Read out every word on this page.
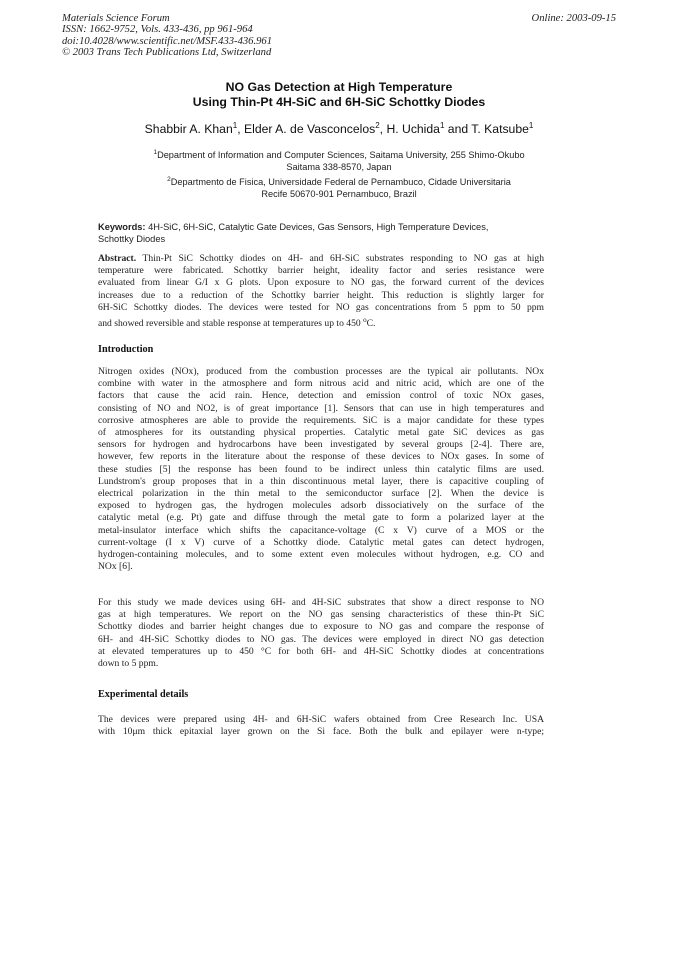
Materials Science Forum
ISSN: 1662-9752, Vols. 433-436, pp 961-964
doi:10.4028/www.scientific.net/MSF.433-436.961
© 2003 Trans Tech Publications Ltd, Switzerland
Online: 2003-09-15
NO Gas Detection at High Temperature
Using Thin-Pt 4H-SiC and 6H-SiC Schottky Diodes
Shabbir A. Khan$^1$, Elder A. de Vasconcelos$^2$, H. Uchida$^1$ and T. Katsube$^1$
$^1$Department of Information and Computer Sciences, Saitama University, 255 Shimo-Okubo
Saitama 338-8570, Japan
$^2$Departmento de Fisica, Universidade Federal de Pernambuco, Cidade Universitaria
Recife 50670-901 Pernambuco, Brazil
Keywords: 4H-SiC, 6H-SiC, Catalytic Gate Devices, Gas Sensors, High Temperature Devices,
Schottky Diodes
Abstract. Thin-Pt SiC Schottky diodes on 4H- and 6H-SiC substrates responding to NO gas at high
temperature were fabricated. Schottky barrier height, ideality factor and series resistance were
evaluated from linear G/I x G plots. Upon exposure to NO gas, the forward current of the devices
increases due to a reduction of the Schottky barrier height. This reduction is slightly larger for
6H-SiC Schottky diodes. The devices were tested for NO gas concentrations from 5 ppm to 50 ppm
and showed reversible and stable response at temperatures up to 450 $^o$C.
Introduction
Nitrogen oxides (NOx), produced from the combustion processes are the typical air pollutants. NOx
combine with water in the atmosphere and form nitrous acid and nitric acid, which are one of the
factors that cause the acid rain. Hence, detection and emission control of toxic NOx gases,
consisting of NO and NO2, is of great importance [1]. Sensors that can use in high temperatures and
corrosive atmospheres are able to provide the requirements. SiC is a major candidate for these types
of atmospheres for its outstanding physical properties. Catalytic metal gate SiC devices as gas
sensors for hydrogen and hydrocarbons have been investigated by several groups [2-4]. There are,
however, few reports in the literature about the response of these devices to NOx gases. In some of
these studies [5] the response has been found to be indirect unless thin catalytic films are used.
Lundstrom's group proposes that in a thin discontinuous metal layer, there is capacitive coupling of
electrical polarization in the thin metal to the semiconductor surface [2]. When the device is
exposed to hydrogen gas, the hydrogen molecules adsorb dissociatively on the surface of the
catalytic metal (e.g. Pt) gate and diffuse through the metal gate to form a polarized layer at the
metal-insulator interface which shifts the capacitance-voltage (C x V) curve of a MOS or the
current-voltage (I x V) curve of a Schottky diode. Catalytic metal gates can detect hydrogen,
hydrogen-containing molecules, and to some extent even molecules without hydrogen, e.g. CO and
NOx [6].
For this study we made devices using 6H- and 4H-SiC substrates that show a direct response to NO
gas at high temperatures. We report on the NO gas sensing characteristics of these thin-Pt SiC
Schottky diodes and barrier height changes due to exposure to NO gas and compare the response of
6H- and 4H-SiC Schottky diodes to NO gas. The devices were employed in direct NO gas detection
at elevated temperatures up to 450 °C for both 6H- and 4H-SiC Schottky diodes at concentrations
down to 5 ppm.
Experimental details
The devices were prepared using 4H- and 6H-SiC wafers obtained from Cree Research Inc. USA
with 10μm thick epitaxial layer grown on the Si face. Both the bulk and epilayer were n-type;
